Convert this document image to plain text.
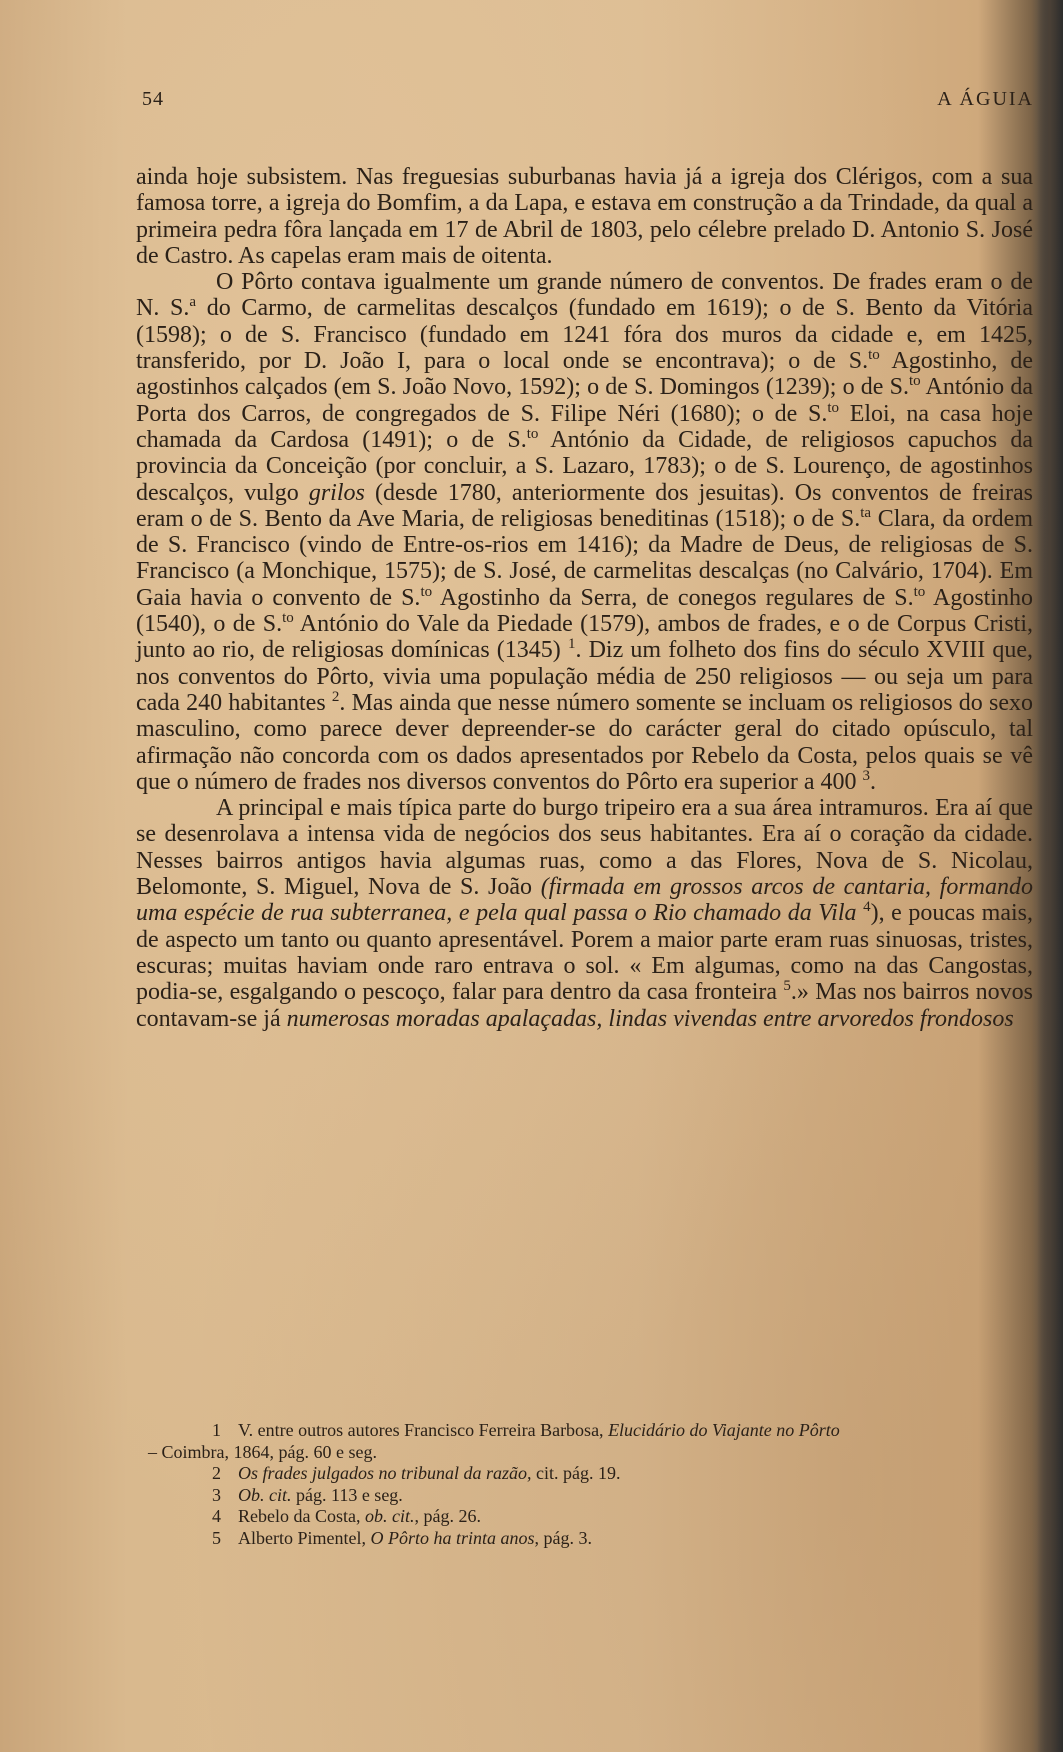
54	A ÁGUIA

ainda hoje subsistem. Nas freguesias suburbanas havia já a igreja dos Clérigos, com a sua famosa torre, a igreja do Bomfim, a da Lapa, e estava em construção a da Trindade, da qual a primeira pedra fôra lançada em 17 de Abril de 1803, pelo célebre prelado D. Antonio S. José de Castro. As capelas eram mais de oitenta.

O Pôrto contava igualmente um grande número de conventos. De frades eram o de N. S.$^a$ do Carmo, de carmelitas descalços (fundado em 1619); o de S. Bento da Vitória (1598); o de S. Francisco (fundado em 1241 fóra dos muros da cidade e, em 1425, transferido, por D. João I, para o local onde se encontrava); o de S.$^{to}$ Agostinho, de agostinhos calçados (em S. João Novo, 1592); o de S. Domingos (1239); o de S.$^{to}$ António da Porta dos Carros, de congregados de S. Filipe Néri (1680); o de S.$^{to}$ Eloi, na casa hoje chamada da Cardosa (1491); o de S.$^{to}$ António da Cidade, de religiosos capuchos da provincia da Conceição (por concluir, a S. Lazaro, 1783); o de S. Lourenço, de agostinhos descalços, vulgo grilos (desde 1780, anteriormente dos jesuitas). Os conventos de freiras eram o de S. Bento da Ave Maria, de religiosas beneditinas (1518); o de S.$^{ta}$ Clara, da ordem de S. Francisco (vindo de Entre-os-rios em 1416); da Madre de Deus, de religiosas de S. Francisco (a Monchique, 1575); de S. José, de carmelitas descalças (no Calvário, 1704). Em Gaia havia o convento de S.$^{to}$ Agostinho da Serra, de conegos regulares de S.$^{to}$ Agostinho (1540), o de S.$^{to}$ António do Vale da Piedade (1579), ambos de frades, e o de Corpus Cristi, junto ao rio, de religiosas domínicas (1345) $^1$. Diz um folheto dos fins do século XVIII que, nos conventos do Pôrto, vivia uma população média de 250 religiosos — ou seja um para cada 240 habitantes $^2$. Mas ainda que nesse número somente se incluam os religiosos do sexo masculino, como parece dever depreender-se do carácter geral do citado opúsculo, tal afirmação não concorda com os dados apresentados por Rebelo da Costa, pelos quais se vê que o número de frades nos diversos conventos do Pôrto era superior a 400 $^3$.

A principal e mais típica parte do burgo tripeiro era a sua área intramuros. Era aí que se desenrolava a intensa vida de negócios dos seus habitantes. Era aí o coração da cidade. Nesses bairros antigos havia algumas ruas, como a das Flores, Nova de S. Nicolau, Belomonte, S. Miguel, Nova de S. João (firmada em grossos arcos de cantaria, formando uma espécie de rua subterranea, e pela qual passa o Rio chamado da Vila $^4$), e poucas mais, de aspecto um tanto ou quanto apresentável. Porem a maior parte eram ruas sinuosas, tristes, escuras; muitas haviam onde raro entrava o sol. « Em algumas, como na das Cangostas, podia-se, esgalgando o pescoço, falar para dentro da casa fronteira $^5$.» Mas nos bairros novos contavam-se já numerosas moradas apalaçadas, lindas vivendas entre arvoredos frondosos

1 V. entre outros autores Francisco Ferreira Barbosa, Elucidário do Viajante no Pôrto
– Coimbra, 1864, pág. 60 e seg.
2 Os frades julgados no tribunal da razão, cit. pág. 19.
3 Ob. cit. pág. 113 e seg.
4 Rebelo da Costa, ob. cit., pág. 26.
5 Alberto Pimentel, O Pôrto ha trinta anos, pág. 3.
